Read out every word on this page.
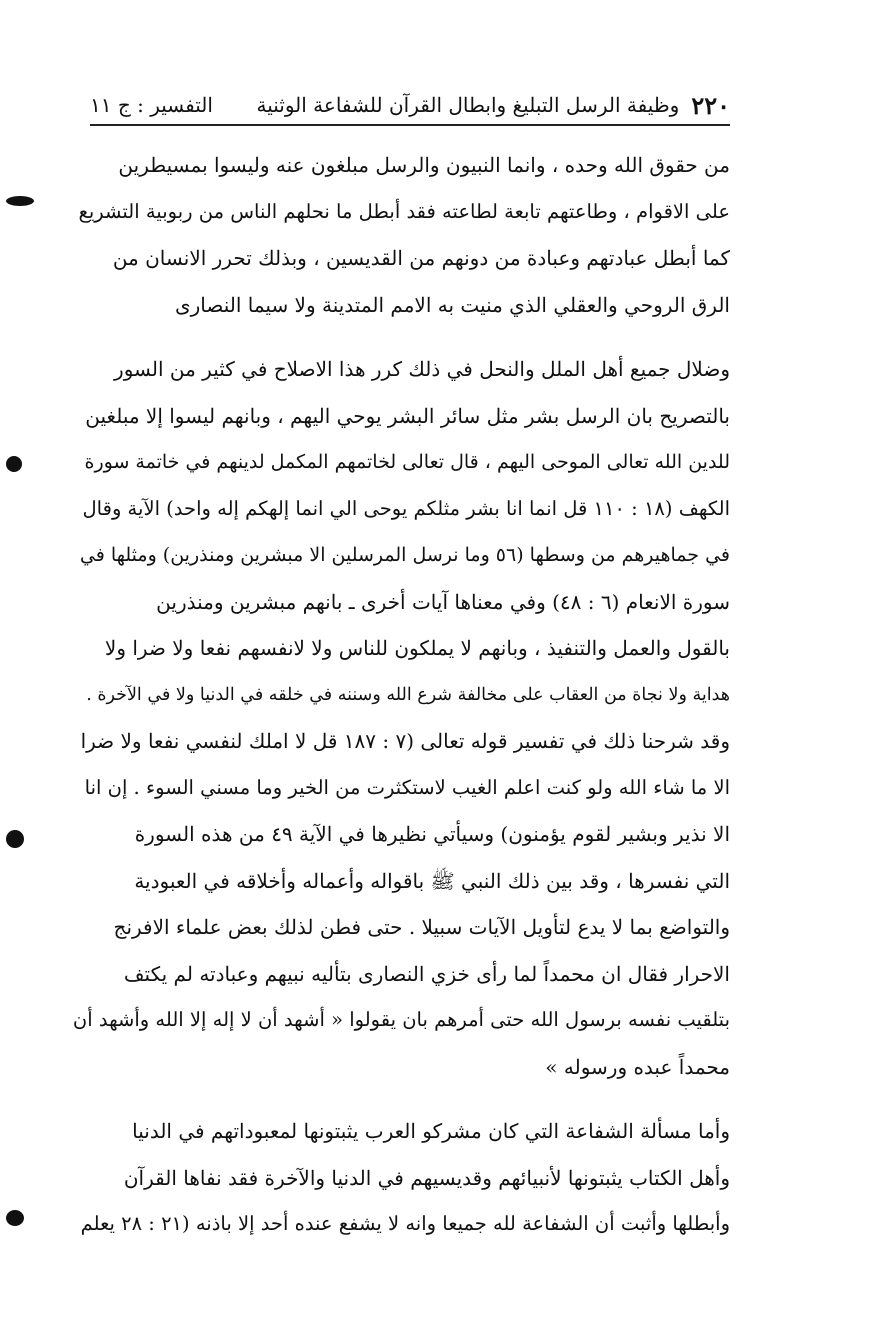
٢٢٠
وظيفة الرسل التبليغ وابطال القرآن للشفاعة الوثنية
التفسير : ج ١١
من حقوق الله وحده ، وانما النبيون والرسل مبلغون عنه وليسوا بمسيطرين
على الاقوام ، وطاعتهم تابعة لطاعته فقد أبطل ما نحلهم الناس من ربوبية التشريع
كما أبطل عبادتهم وعبادة من دونهم من القديسين ، وبذلك تحرر الانسان من
الرق الروحي والعقلي الذي منيت به الامم المتدينة ولا سيما النصارى
وضلال جميع أهل الملل والنحل في ذلك كرر هذا الاصلاح في كثير من السور
بالتصريح بان الرسل بشر مثل سائر البشر يوحي اليهم ، وبانهم ليسوا إلا مبلغين
للدين الله تعالى الموحى اليهم ، قال تعالى لخاتمهم المكمل لدينهم في خاتمة سورة
الكهف (١٨ : ١١٠ قل انما انا بشر مثلكم يوحى الي انما إلهكم إله واحد) الآية وقال
في جماهيرهم من وسطها (٥٦ وما نرسل المرسلين الا مبشرين ومنذرين) ومثلها في
سورة الانعام (٦ : ٤٨) وفي معناها آيات أخرى ـ بانهم مبشرين ومنذرين
بالقول والعمل والتنفيذ ، وبانهم لا يملكون للناس ولا لانفسهم نفعا ولا ضرا ولا
هداية ولا نجاة من العقاب على مخالفة شرع الله وسننه في خلقه في الدنيا ولا في الآخرة .
وقد شرحنا ذلك في تفسير قوله تعالى (٧ : ١٨٧ قل لا املك لنفسي نفعا ولا ضرا
الا ما شاء الله ولو كنت اعلم الغيب لاستكثرت من الخير وما مسني السوء . إن انا
الا نذير وبشير لقوم يؤمنون) وسيأتي نظيرها في الآية ٤٩ من هذه السورة
التي نفسرها ، وقد بين ذلك النبي ﷺ باقواله وأعماله وأخلاقه في العبودية
والتواضع بما لا يدع لتأويل الآيات سبيلا . حتى فطن لذلك بعض علماء الافرنج
الاحرار فقال ان محمداً لما رأى خزي النصارى بتأليه نبيهم وعبادته لم يكتف
بتلقيب نفسه برسول الله حتى أمرهم بان يقولوا « أشهد أن لا إله إلا الله وأشهد أن
محمداً عبده ورسوله »
وأما مسألة الشفاعة التي كان مشركو العرب يثبتونها لمعبوداتهم في الدنيا
وأهل الكتاب يثبتونها لأنبيائهم وقديسيهم في الدنيا والآخرة فقد نفاها القرآن
وأبطلها وأثبت أن الشفاعة لله جميعا وانه لا يشفع عنده أحد إلا باذنه (٢١ : ٢٨ يعلم
